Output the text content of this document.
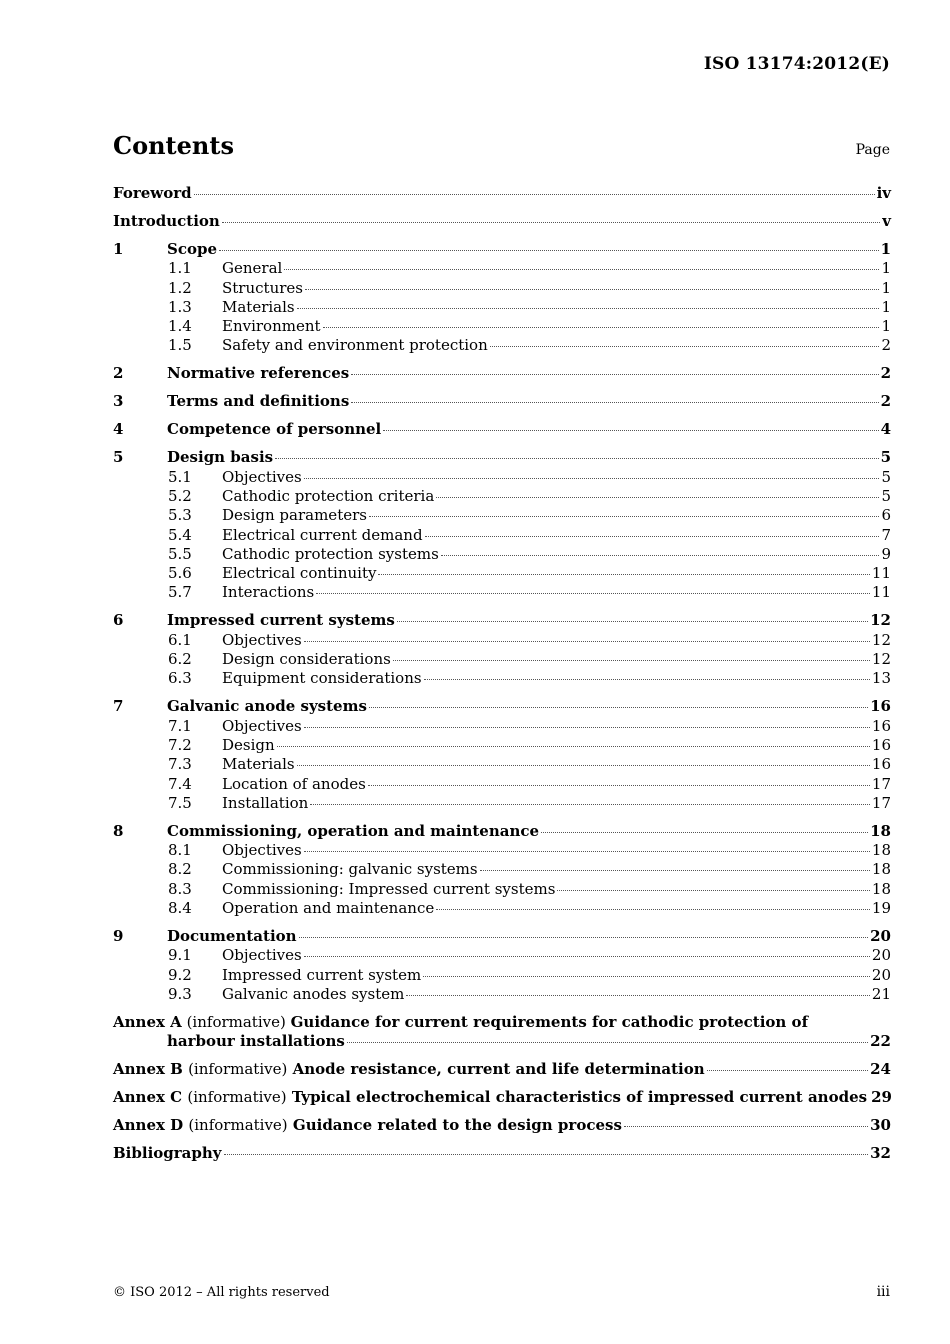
ISO 13174:2012(E)
Contents	Page
Foreword	iv
Introduction	v
1	Scope	1
1.1	General	1
1.2	Structures	1
1.3	Materials	1
1.4	Environment	1
1.5	Safety and environment protection	2
2	Normative references	2
3	Terms and definitions	2
4	Competence of personnel	4
5	Design basis	5
5.1	Objectives	5
5.2	Cathodic protection criteria	5
5.3	Design parameters	6
5.4	Electrical current demand	7
5.5	Cathodic protection systems	9
5.6	Electrical continuity	11
5.7	Interactions	11
6	Impressed current systems	12
6.1	Objectives	12
6.2	Design considerations	12
6.3	Equipment considerations	13
7	Galvanic anode systems	16
7.1	Objectives	16
7.2	Design	16
7.3	Materials	16
7.4	Location of anodes	17
7.5	Installation	17
8	Commissioning, operation and maintenance	18
8.1	Objectives	18
8.2	Commissioning: galvanic systems	18
8.3	Commissioning: Impressed current systems	18
8.4	Operation and maintenance	19
9	Documentation	20
9.1	Objectives	20
9.2	Impressed current system	20
9.3	Galvanic anodes system	21
Annex A (informative) Guidance for current requirements for cathodic protection of
harbour installations	22
Annex B (informative) Anode resistance, current and life determination	24
Annex C (informative) Typical electrochemical characteristics of impressed current anodes 29
Annex D (informative) Guidance related to the design process	30
Bibliography	32
© ISO 2012 – All rights reserved	iii
